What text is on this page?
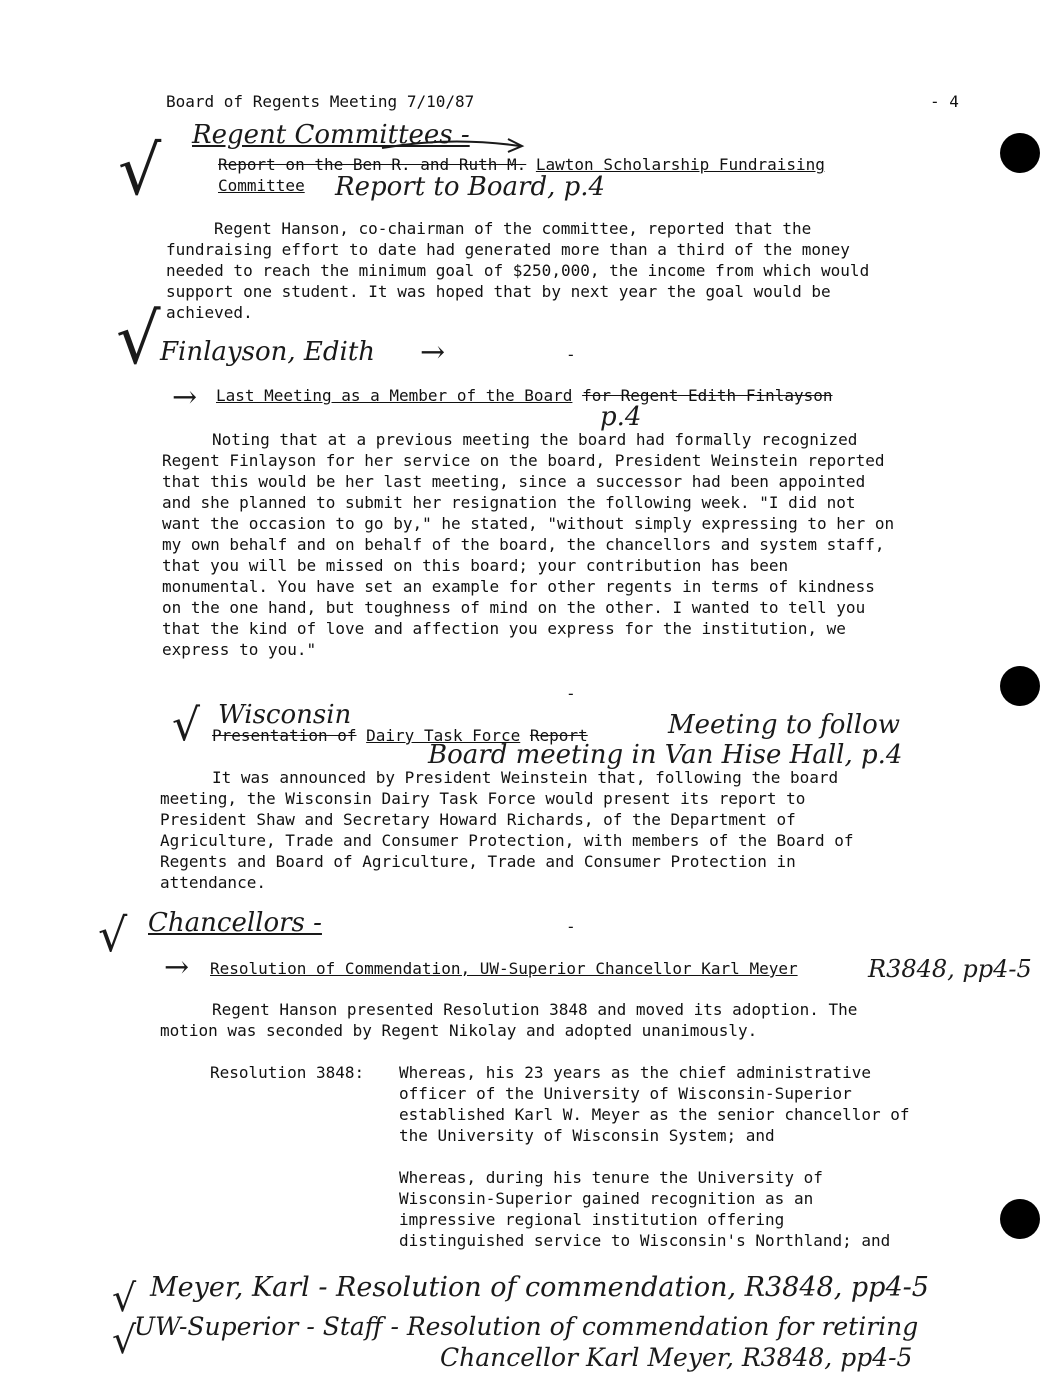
Board of Regents Meeting 7/10/87	- 4
Regent Committees -
√	Report on the Ben R. and Ruth M. Lawton Scholarship Fundraising
Committee Report to Board, p.4
Regent Hanson, co-chairman of the committee, reported that the
fundraising effort to date had generated more than a third of the money
needed to reach the minimum goal of $250,000, the income from which would
support one student. It was hoped that by next year the goal would be
achieved.
√ Finlayson, Edith →	-
→ Last Meeting as a Member of the Board for Regent Edith Finlayson
p.4
Noting that at a previous meeting the board had formally recognized
Regent Finlayson for her service on the board, President Weinstein reported
that this would be her last meeting, since a successor had been appointed
and she planned to submit her resignation the following week. "I did not
want the occasion to go by," he stated, "without simply expressing to her on
my own behalf and on behalf of the board, the chancellors and system staff,
that you will be missed on this board; your contribution has been
monumental. You have set an example for other regents in terms of kindness
on the one hand, but toughness of mind on the other. I wanted to tell you
that the kind of love and affection you express for the institution, we
express to you."
-
√ Wisconsin
Presentation of Dairy Task Force Report	Meeting to follow
Board meeting in Van Hise Hall, p.4
It was announced by President Weinstein that, following the board
meeting, the Wisconsin Dairy Task Force would present its report to
President Shaw and Secretary Howard Richards, of the Department of
Agriculture, Trade and Consumer Protection, with members of the Board of
Regents and Board of Agriculture, Trade and Consumer Protection in
attendance.
√ Chancellors -	-
→ Resolution of Commendation, UW-Superior Chancellor Karl Meyer	R3848, pp4-5
Regent Hanson presented Resolution 3848 and moved its adoption. The
motion was seconded by Regent Nikolay and adopted unanimously.
Resolution 3848: Whereas, his 23 years as the chief administrative
officer of the University of Wisconsin-Superior
established Karl W. Meyer as the senior chancellor of
the University of Wisconsin System; and
Whereas, during his tenure the University of
Wisconsin-Superior gained recognition as an
impressive regional institution offering
distinguished service to Wisconsin's Northland; and
√ Meyer, Karl - Resolution of commendation, R3848, pp4-5
√
UW-Superior - Staff - Resolution of commendation for retiring
Chancellor Karl Meyer, R3848, pp4-5
